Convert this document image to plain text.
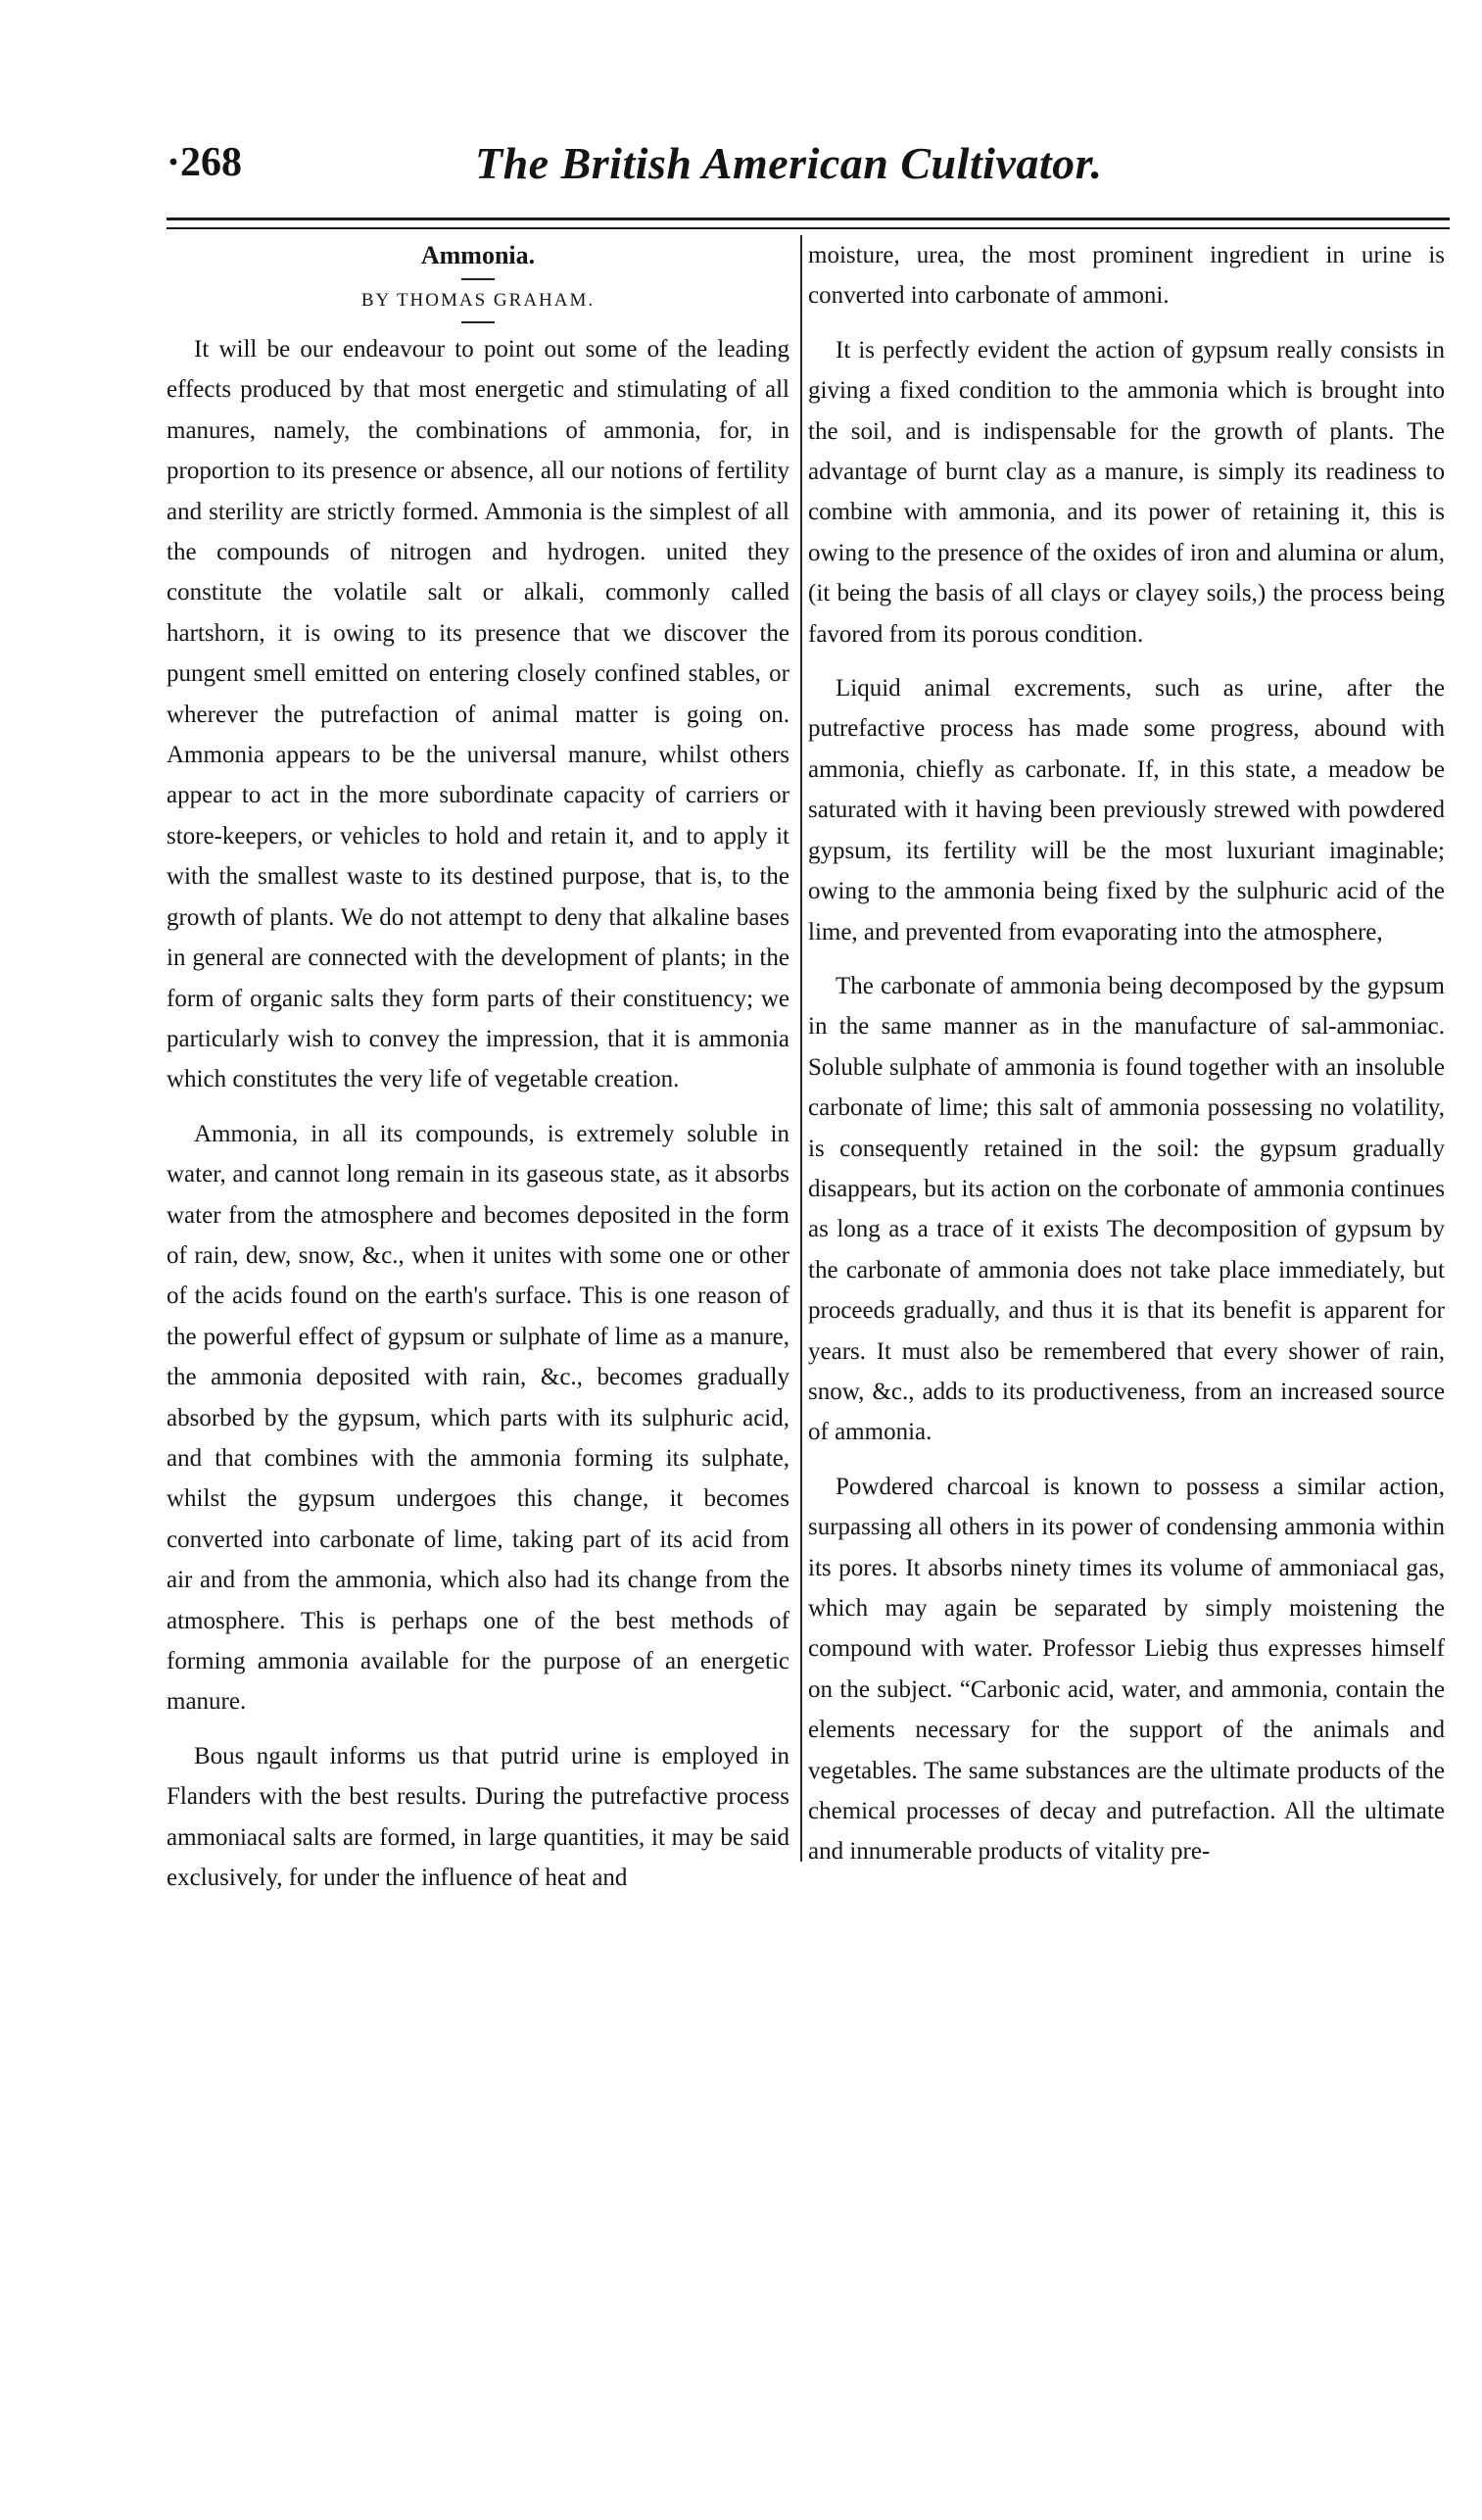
·268	The British American Cultivator.
Ammonia.
BY THOMAS GRAHAM.

It will be our endeavour to point out some of the leading effects produced by that most energetic and stimulating of all manures, namely, the combinations of ammonia, for, in proportion to its presence or absence, all our notions of fertility and sterility are strictly formed. Ammonia is the simplest of all the compounds of nitrogen and hydrogen. united they constitute the volatile salt or alkali, commonly called hartshorn, it is owing to its presence that we discover the pungent smell emitted on entering closely confined stables, or wherever the putrefaction of animal matter is going on. Ammonia appears to be the universal manure, whilst others appear to act in the more subordinate capacity of carriers or store-keepers, or vehicles to hold and retain it, and to apply it with the smallest waste to its destined purpose, that is, to the growth of plants. We do not attempt to deny that alkaline bases in general are connected with the development of plants; in the form of organic salts they form parts of their constituency; we particularly wish to convey the impression, that it is ammonia which constitutes the very life of vegetable creation.

Ammonia, in all its compounds, is extremely soluble in water, and cannot long remain in its gaseous state, as it absorbs water from the atmosphere and becomes deposited in the form of rain, dew, snow, &c., when it unites with some one or other of the acids found on the earth's surface. This is one reason of the powerful effect of gypsum or sulphate of lime as a manure, the ammonia deposited with rain, &c., becomes gradually absorbed by the gypsum, which parts with its sulphuric acid, and that combines with the ammonia forming its sulphate, whilst the gypsum undergoes this change, it becomes converted into carbonate of lime, taking part of its acid from air and from the ammonia, which also had its change from the atmosphere. This is perhaps one of the best methods of forming ammonia available for the purpose of an energetic manure.

Bous ngault informs us that putrid urine is employed in Flanders with the best results. During the putrefactive process ammoniacal salts are formed, in large quantities, it may be said exclusively, for under the influence of heat and

moisture, urea, the most prominent ingredient in urine is converted into carbonate of ammoni.

It is perfectly evident the action of gypsum really consists in giving a fixed condition to the ammonia which is brought into the soil, and is indispensable for the growth of plants. The advantage of burnt clay as a manure, is simply its readiness to combine with ammonia, and its power of retaining it, this is owing to the presence of the oxides of iron and alumina or alum, (it being the basis of all clays or clayey soils,) the process being favored from its porous condition.

Liquid animal excrements, such as urine, after the putrefactive process has made some progress, abound with ammonia, chiefly as carbonate. If, in this state, a meadow be saturated with it having been previously strewed with powdered gypsum, its fertility will be the most luxuriant imaginable; owing to the ammonia being fixed by the sulphuric acid of the lime, and prevented from evaporating into the atmosphere,

The carbonate of ammonia being decomposed by the gypsum in the same manner as in the manufacture of sal-ammoniac. Soluble sulphate of ammonia is found together with an insoluble carbonate of lime; this salt of ammonia possessing no volatility, is consequently retained in the soil: the gypsum gradually disappears, but its action on the corbonate of ammonia continues as long as a trace of it exists The decomposition of gypsum by the carbonate of ammonia does not take place immediately, but proceeds gradually, and thus it is that its benefit is apparent for years. It must also be remembered that every shower of rain, snow, &c., adds to its productiveness, from an increased source of ammonia.

Powdered charcoal is known to possess a similar action, surpassing all others in its power of condensing ammonia within its pores. It absorbs ninety times its volume of ammoniacal gas, which may again be separated by simply moistening the compound with water. Professor Liebig thus expresses himself on the subject. “Carbonic acid, water, and ammonia, contain the elements necessary for the support of the animals and vegetables. The same substances are the ultimate products of the chemical processes of decay and putrefaction. All the ultimate and innumerable products of vitality pre-
